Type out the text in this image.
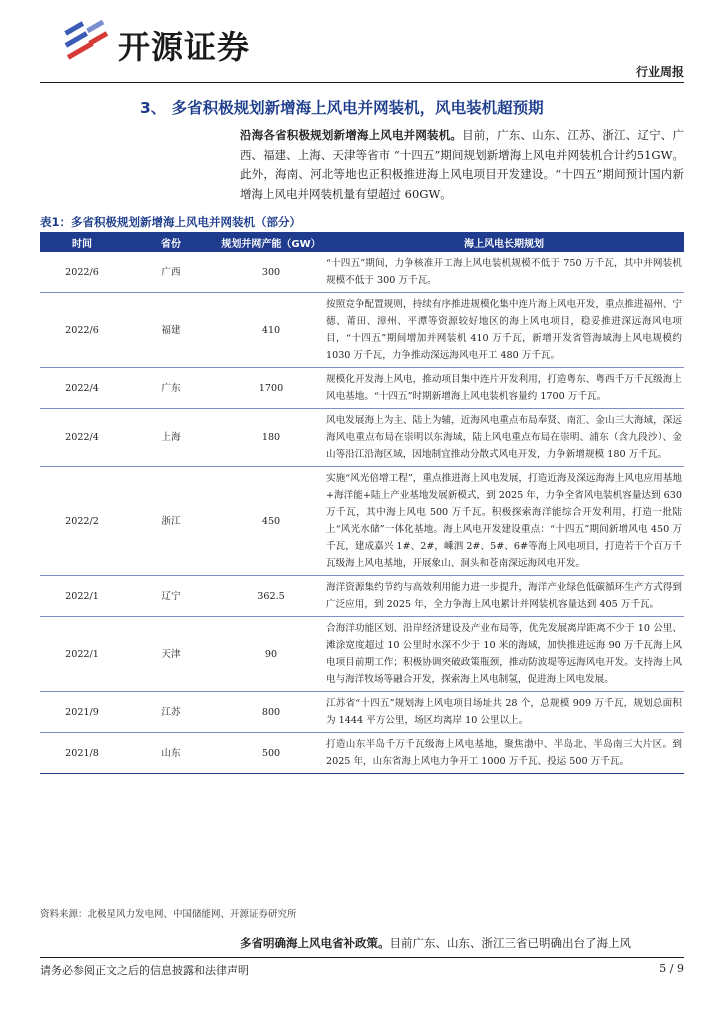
开源证券
行业周报
3、 多省积极规划新增海上风电并网装机，风电装机超预期
沿海各省积极规划新增海上风电并网装机。目前，广东、山东、江苏、浙江、辽宁、广西、福建、上海、天津等省市 “十四五”期间规划新增海上风电并网装机合计约51GW。此外，海南、河北等地也正积极推进海上风电项目开发建设。“十四五”期间预计国内新增海上风电并网装机量有望超过 60GW。
表1：多省积极规划新增海上风电并网装机（部分）
时间	省份	规划并网产能（GW）	海上风电长期规划
2022/6	广西	300	“十四五”期间，力争核准开工海上风电装机规模不低于 750 万千瓦，其中并网装机规模不低于 300 万千瓦。
2022/6	福建	410	按照竞争配置规则，持续有序推进规模化集中连片海上风电开发，重点推进福州、宁德、莆田、漳州、平潭等资源较好地区的海上风电项目，稳妥推进深远海风电项目，“十四五”期间增加并网装机 410 万千瓦，新增开发省管海域海上风电规模约 1030 万千瓦，力争推动深远海风电开工 480 万千瓦。
2022/4	广东	1700	规模化开发海上风电，推动项目集中连片开发利用，打造粤东、粤西千万千瓦级海上风电基地。“十四五”时期新增海上风电装机容量约 1700 万千瓦。
2022/4	上海	180	风电发展海上为主、陆上为辅，近海风电重点布局奉贤、南汇、金山三大海域，深远海风电重点布局在崇明以东海域，陆上风电重点布局在崇明、浦东（含九段沙）、金山等沿江沿海区域，因地制宜推动分散式风电开发，力争新增规模 180 万千瓦。
2022/2	浙江	450	实施“风光倍增工程”，重点推进海上风电发展，打造近海及深远海海上风电应用基地+海洋能+陆上产业基地发展新模式，到 2025 年，力争全省风电装机容量达到 630 万千瓦，其中海上风电 500 万千瓦。积极探索海洋能综合开发利用，打造一批陆上“风光水储”一体化基地。海上风电开发建设重点：“十四五”期间新增风电 450 万千瓦，建成嘉兴 1#、2#，嵊泗 2#、5#、6#等海上风电项目，打造若干个百万千瓦级海上风电基地，开展象山、洞头和苍南深远海风电开发。
2022/1	辽宁	362.5	海洋资源集约节约与高效利用能力进一步提升，海洋产业绿色低碳循环生产方式得到广泛应用，到 2025 年，全力争海上风电累计并网装机容量达到 405 万千瓦。
2022/1	天津	90	合海洋功能区划、沿岸经济建设及产业布局等，优先发展离岸距离不少于 10 公里、滩涂宽度超过 10 公里时水深不少于 10 米的海域，加快推进远海 90 万千瓦海上风电项目前期工作；积极协调突破政策瓶颈，推动防波堤等远海风电开发。支持海上风电与海洋牧场等融合开发，探索海上风电制氢，促进海上风电发展。
2021/9	江苏	800	江苏省“十四五”规划海上风电项目场址共 28 个，总规模 909 万千瓦，规划总面积为 1444 平方公里，场区均离岸 10 公里以上。
2021/8	山东	500	打造山东半岛千万千瓦级海上风电基地，聚焦渤中、半岛北、半岛南三大片区。到 2025 年，山东省海上风电力争开工 1000 万千瓦、投运 500 万千瓦。
资料来源：北极星风力发电网、中国储能网、开源证券研究所
多省明确海上风电省补政策。目前广东、山东、浙江三省已明确出台了海上风
请务必参阅正文之后的信息披露和法律声明	5 / 9
